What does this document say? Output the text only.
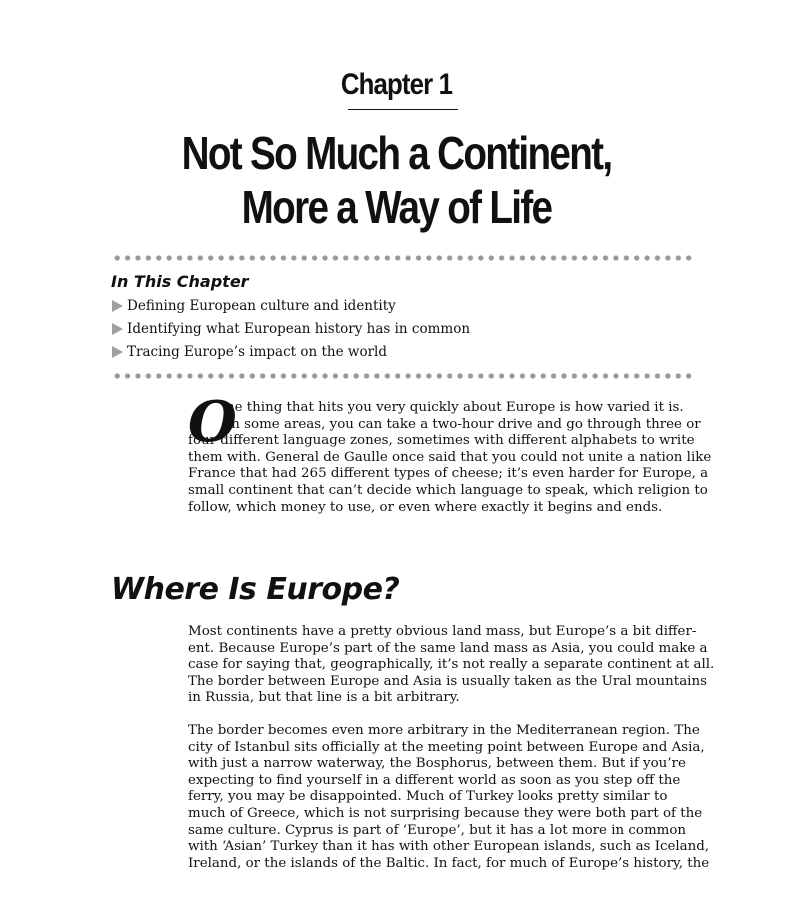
Chapter 1
Not So Much a Continent,
More a Way of Life
In This Chapter
Defining European culture and identity
Identifying what European history has in common
Tracing Europe’s impact on the world
O
ne thing that hits you very quickly about Europe is how varied it is.
In some areas, you can take a two-hour drive and go through three or
four different language zones, sometimes with different alphabets to write
them with. General de Gaulle once said that you could not unite a nation like
France that had 265 different types of cheese; it’s even harder for Europe, a
small continent that can’t decide which language to speak, which religion to
follow, which money to use, or even where exactly it begins and ends.
Where Is Europe?
Most continents have a pretty obvious land mass, but Europe’s a bit differ-
ent. Because Europe’s part of the same land mass as Asia, you could make a
case for saying that, geographically, it’s not really a separate continent at all.
The border between Europe and Asia is usually taken as the Ural mountains
in Russia, but that line is a bit arbitrary.
The border becomes even more arbitrary in the Mediterranean region. The
city of Istanbul sits officially at the meeting point between Europe and Asia,
with just a narrow waterway, the Bosphorus, between them. But if you’re
expecting to find yourself in a different world as soon as you step off the
ferry, you may be disappointed. Much of Turkey looks pretty similar to
much of Greece, which is not surprising because they were both part of the
same culture. Cyprus is part of ‘Europe’, but it has a lot more in common
with ‘Asian’ Turkey than it has with other European islands, such as Iceland,
Ireland, or the islands of the Baltic. In fact, for much of Europe’s history, the
